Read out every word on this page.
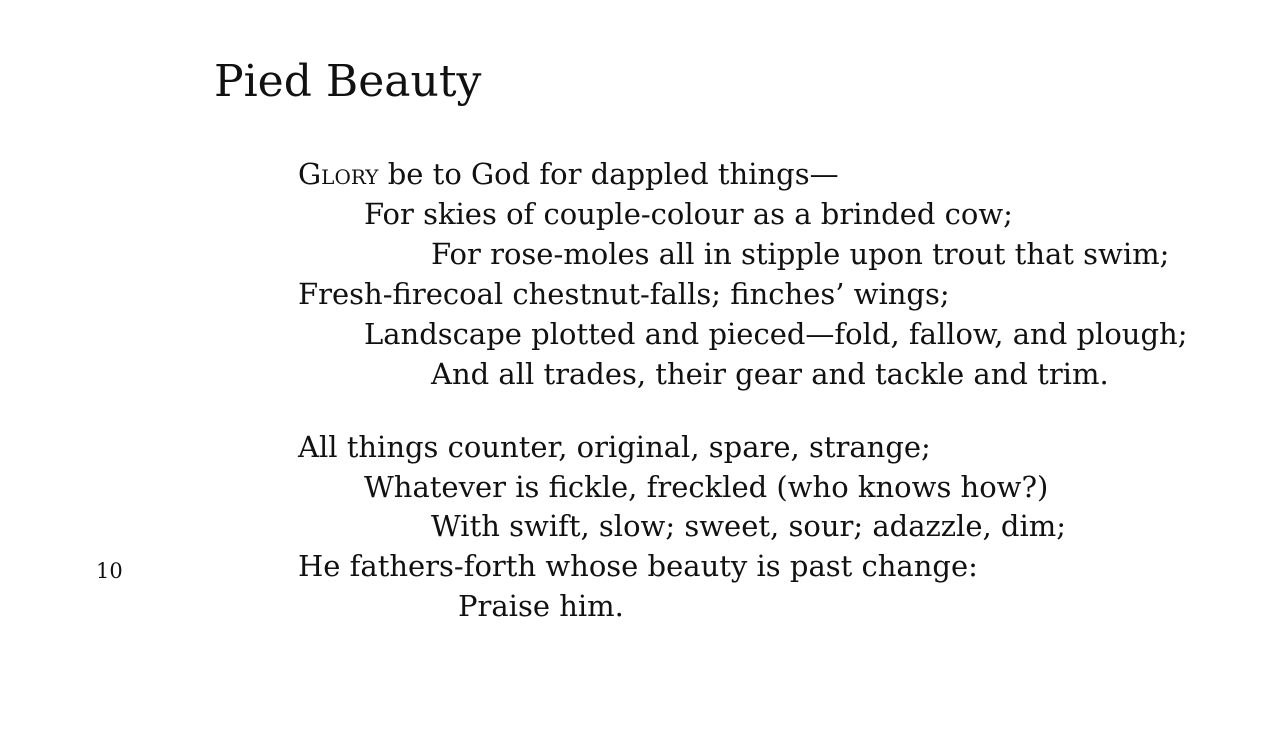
Pied Beauty
Glory be to God for dappled things—
For skies of couple-colour as a brinded cow;
For rose-moles all in stipple upon trout that swim;
Fresh-firecoal chestnut-falls; finches’ wings;
Landscape plotted and pieced—fold, fallow, and plough;
And all trades, their gear and tackle and trim.
All things counter, original, spare, strange;
Whatever is fickle, freckled (who knows how?)
With swift, slow; sweet, sour; adazzle, dim;
He fathers-forth whose beauty is past change:
Praise him.
10
